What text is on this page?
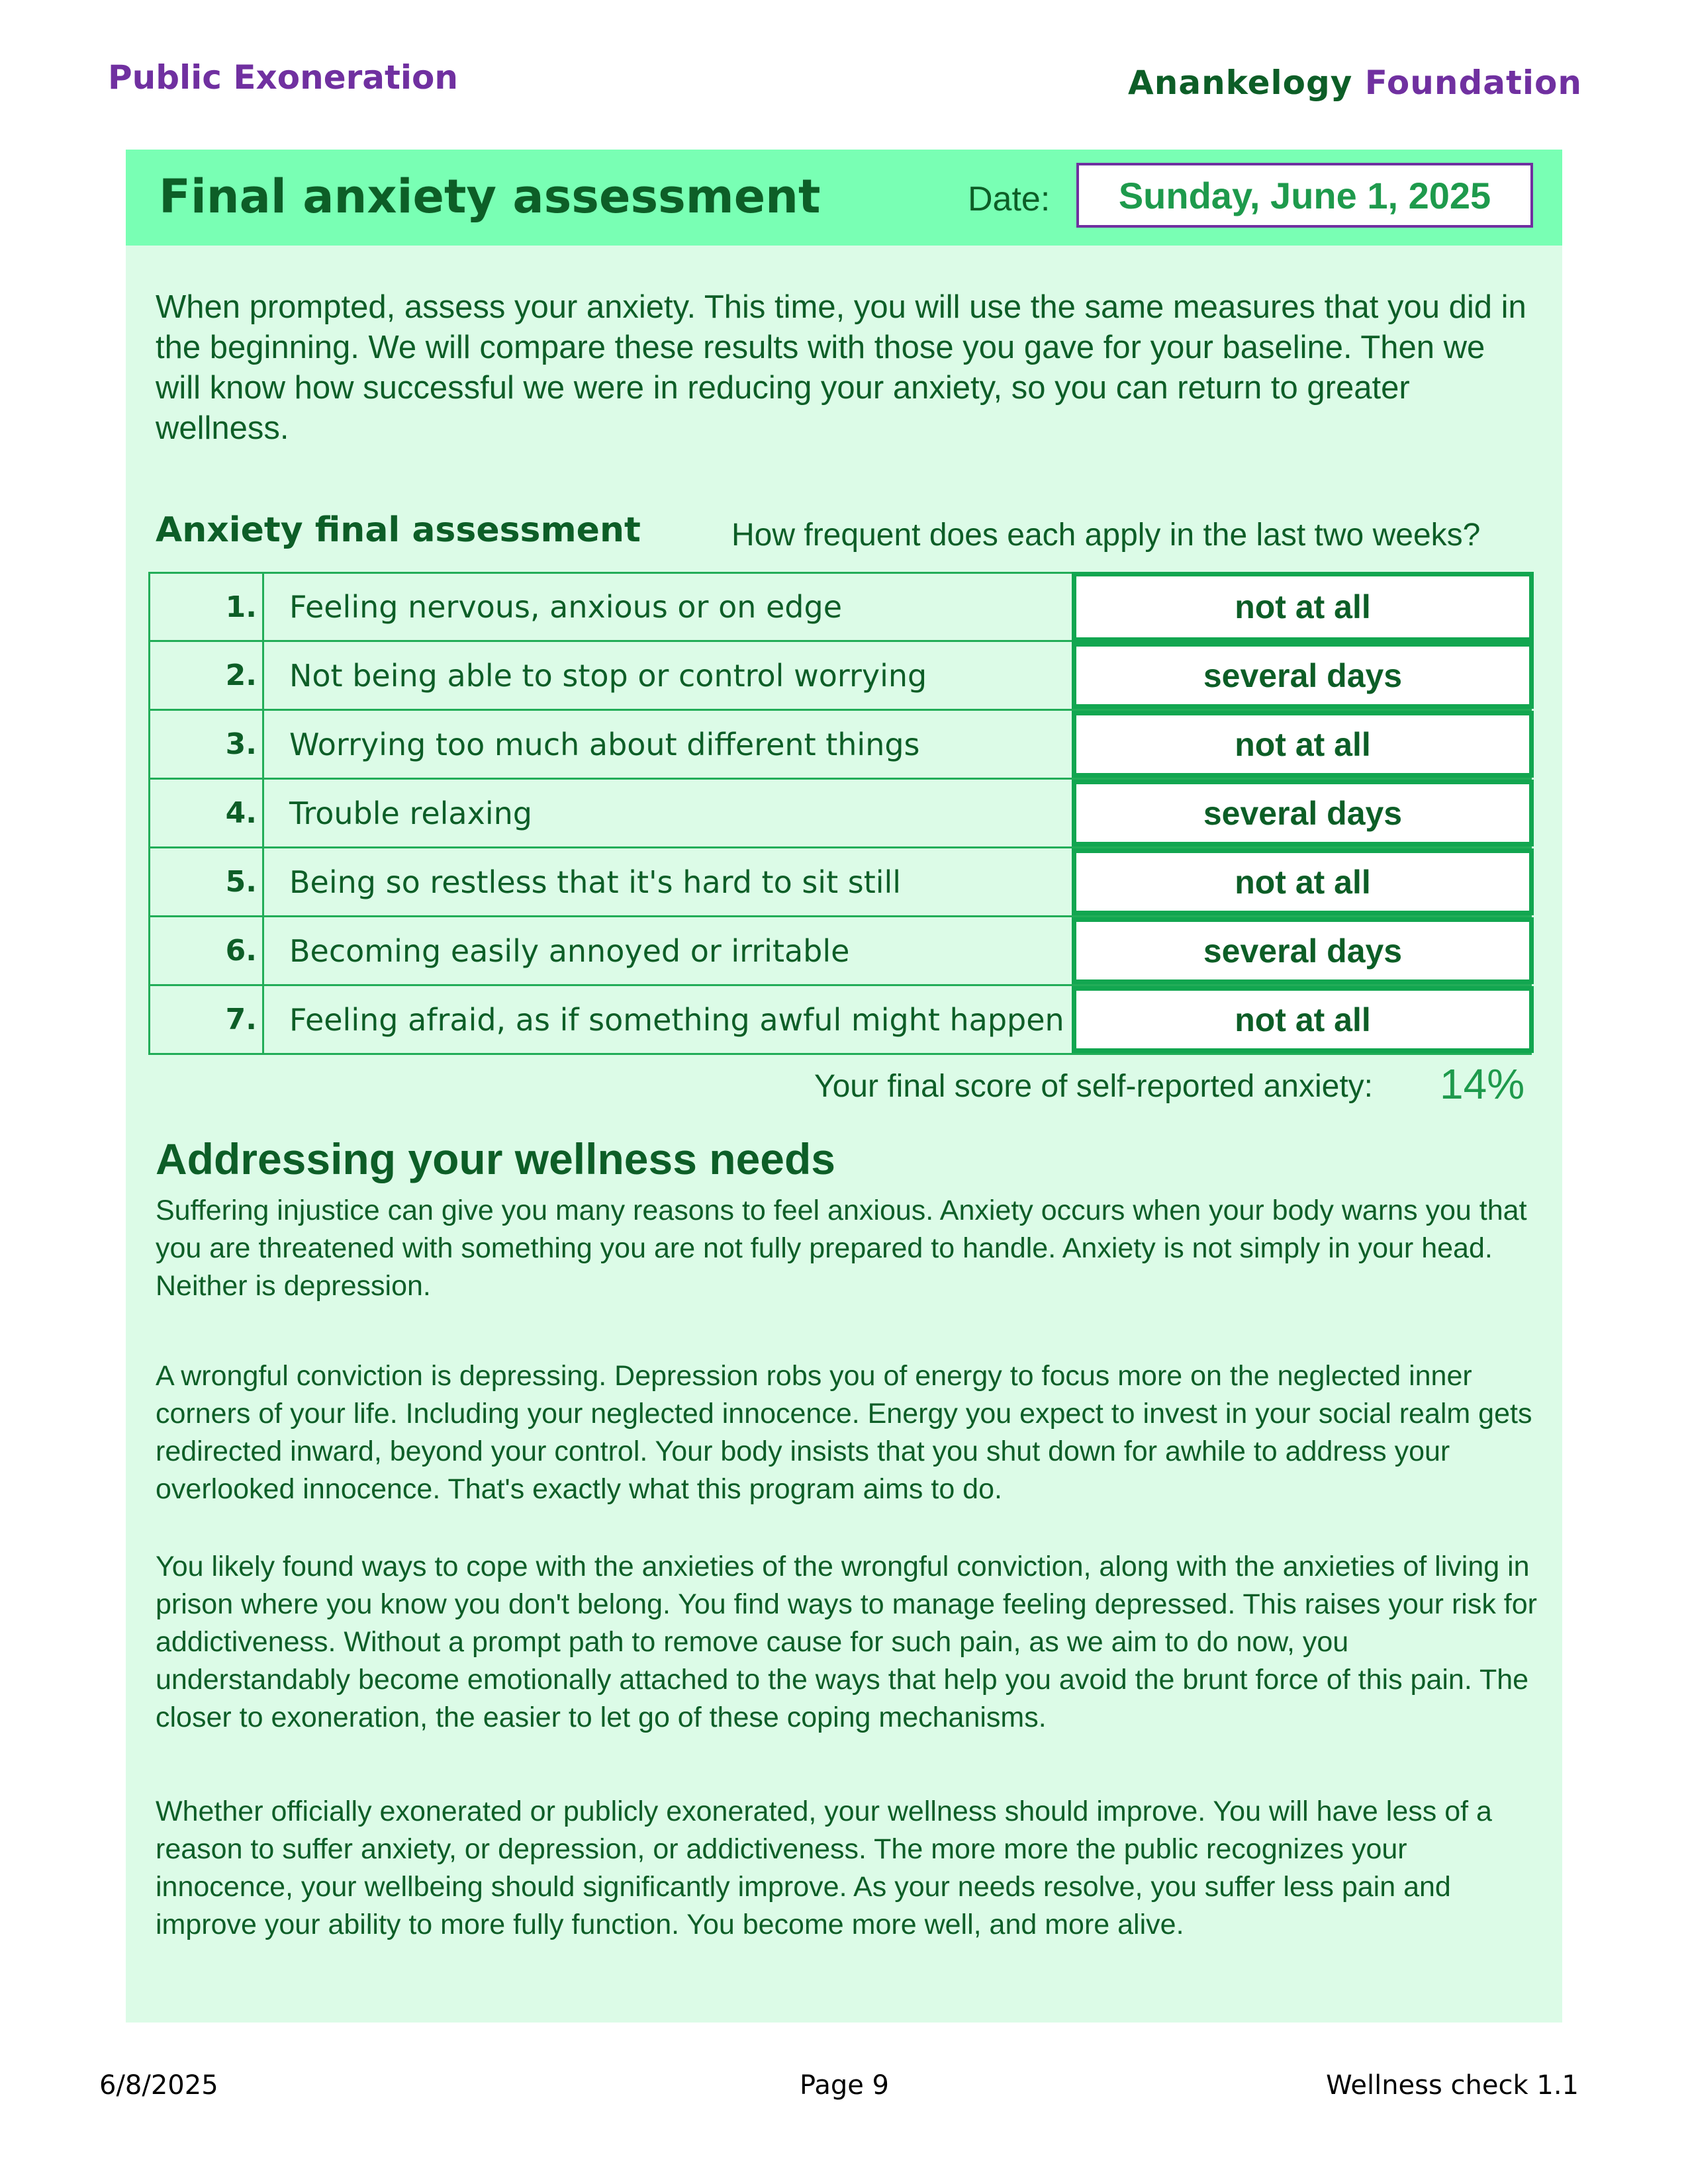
Public Exoneration	Anankelogy Foundation
Final anxiety assessment	Date:	Sunday, June 1, 2025
When prompted, assess your anxiety. This time, you will use the same measures that you did in the beginning. We will compare these results with those you gave for your baseline. Then we will know how successful we were in reducing your anxiety, so you can return to greater wellness.
Anxiety final assessment	How frequent does each apply in the last two weeks?
1. Feeling nervous, anxious or on edge	not at all
2. Not being able to stop or control worrying	several days
3. Worrying too much about different things	not at all
4. Trouble relaxing	several days
5. Being so restless that it's hard to sit still	not at all
6. Becoming easily annoyed or irritable	several days
7. Feeling afraid, as if something awful might happen	not at all
Your final score of self-reported anxiety: 14%
Addressing your wellness needs
Suffering injustice can give you many reasons to feel anxious. Anxiety occurs when your body warns you that you are threatened with something you are not fully prepared to handle. Anxiety is not simply in your head. Neither is depression.
A wrongful conviction is depressing. Depression robs you of energy to focus more on the neglected inner corners of your life. Including your neglected innocence. Energy you expect to invest in your social realm gets redirected inward, beyond your control. Your body insists that you shut down for awhile to address your overlooked innocence. That's exactly what this program aims to do.
You likely found ways to cope with the anxieties of the wrongful conviction, along with the anxieties of living in prison where you know you don't belong. You find ways to manage feeling depressed. This raises your risk for addictiveness. Without a prompt path to remove cause for such pain, as we aim to do now, you understandably become emotionally attached to the ways that help you avoid the brunt force of this pain. The closer to exoneration, the easier to let go of these coping mechanisms.
Whether officially exonerated or publicly exonerated, your wellness should improve. You will have less of a reason to suffer anxiety, or depression, or addictiveness. The more more the public recognizes your innocence, your wellbeing should significantly improve. As your needs resolve, you suffer less pain and improve your ability to more fully function. You become more well, and more alive.
6/8/2025	Page 9	Wellness check 1.1
